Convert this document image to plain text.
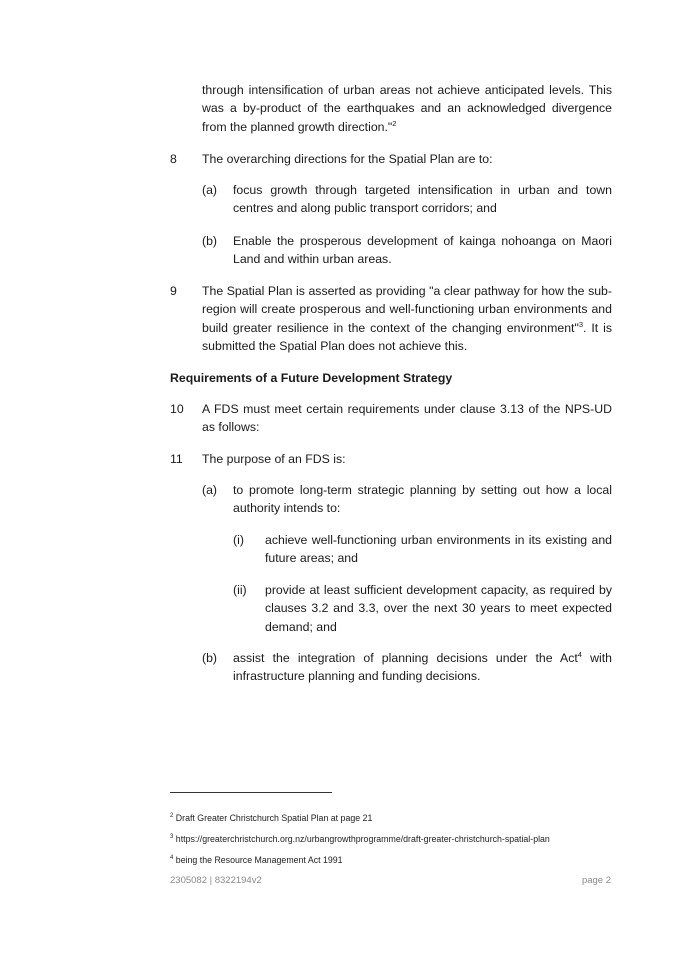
through intensification of urban areas not achieve anticipated levels. This was a by-product of the earthquakes and an acknowledged divergence from the planned growth direction."$^2$
8 The overarching directions for the Spatial Plan are to:
(a) focus growth through targeted intensification in urban and town centres and along public transport corridors; and
(b) Enable the prosperous development of kainga nohoanga on Maori Land and within urban areas.
9 The Spatial Plan is asserted as providing "a clear pathway for how the sub-region will create prosperous and well-functioning urban environments and build greater resilience in the context of the changing environment"$^3$. It is submitted the Spatial Plan does not achieve this.
Requirements of a Future Development Strategy
10 A FDS must meet certain requirements under clause 3.13 of the NPS-UD as follows:
11 The purpose of an FDS is:
(a) to promote long-term strategic planning by setting out how a local authority intends to:
(i) achieve well-functioning urban environments in its existing and future areas; and
(ii) provide at least sufficient development capacity, as required by clauses 3.2 and 3.3, over the next 30 years to meet expected demand; and
(b) assist the integration of planning decisions under the Act$^4$ with infrastructure planning and funding decisions.
$^2$ Draft Greater Christchurch Spatial Plan at page 21
$^3$ https://greaterchristchurch.org.nz/urbangrowthprogramme/draft-greater-christchurch-spatial-plan
$^4$ being the Resource Management Act 1991
2305082 | 8322194v2	page 2
